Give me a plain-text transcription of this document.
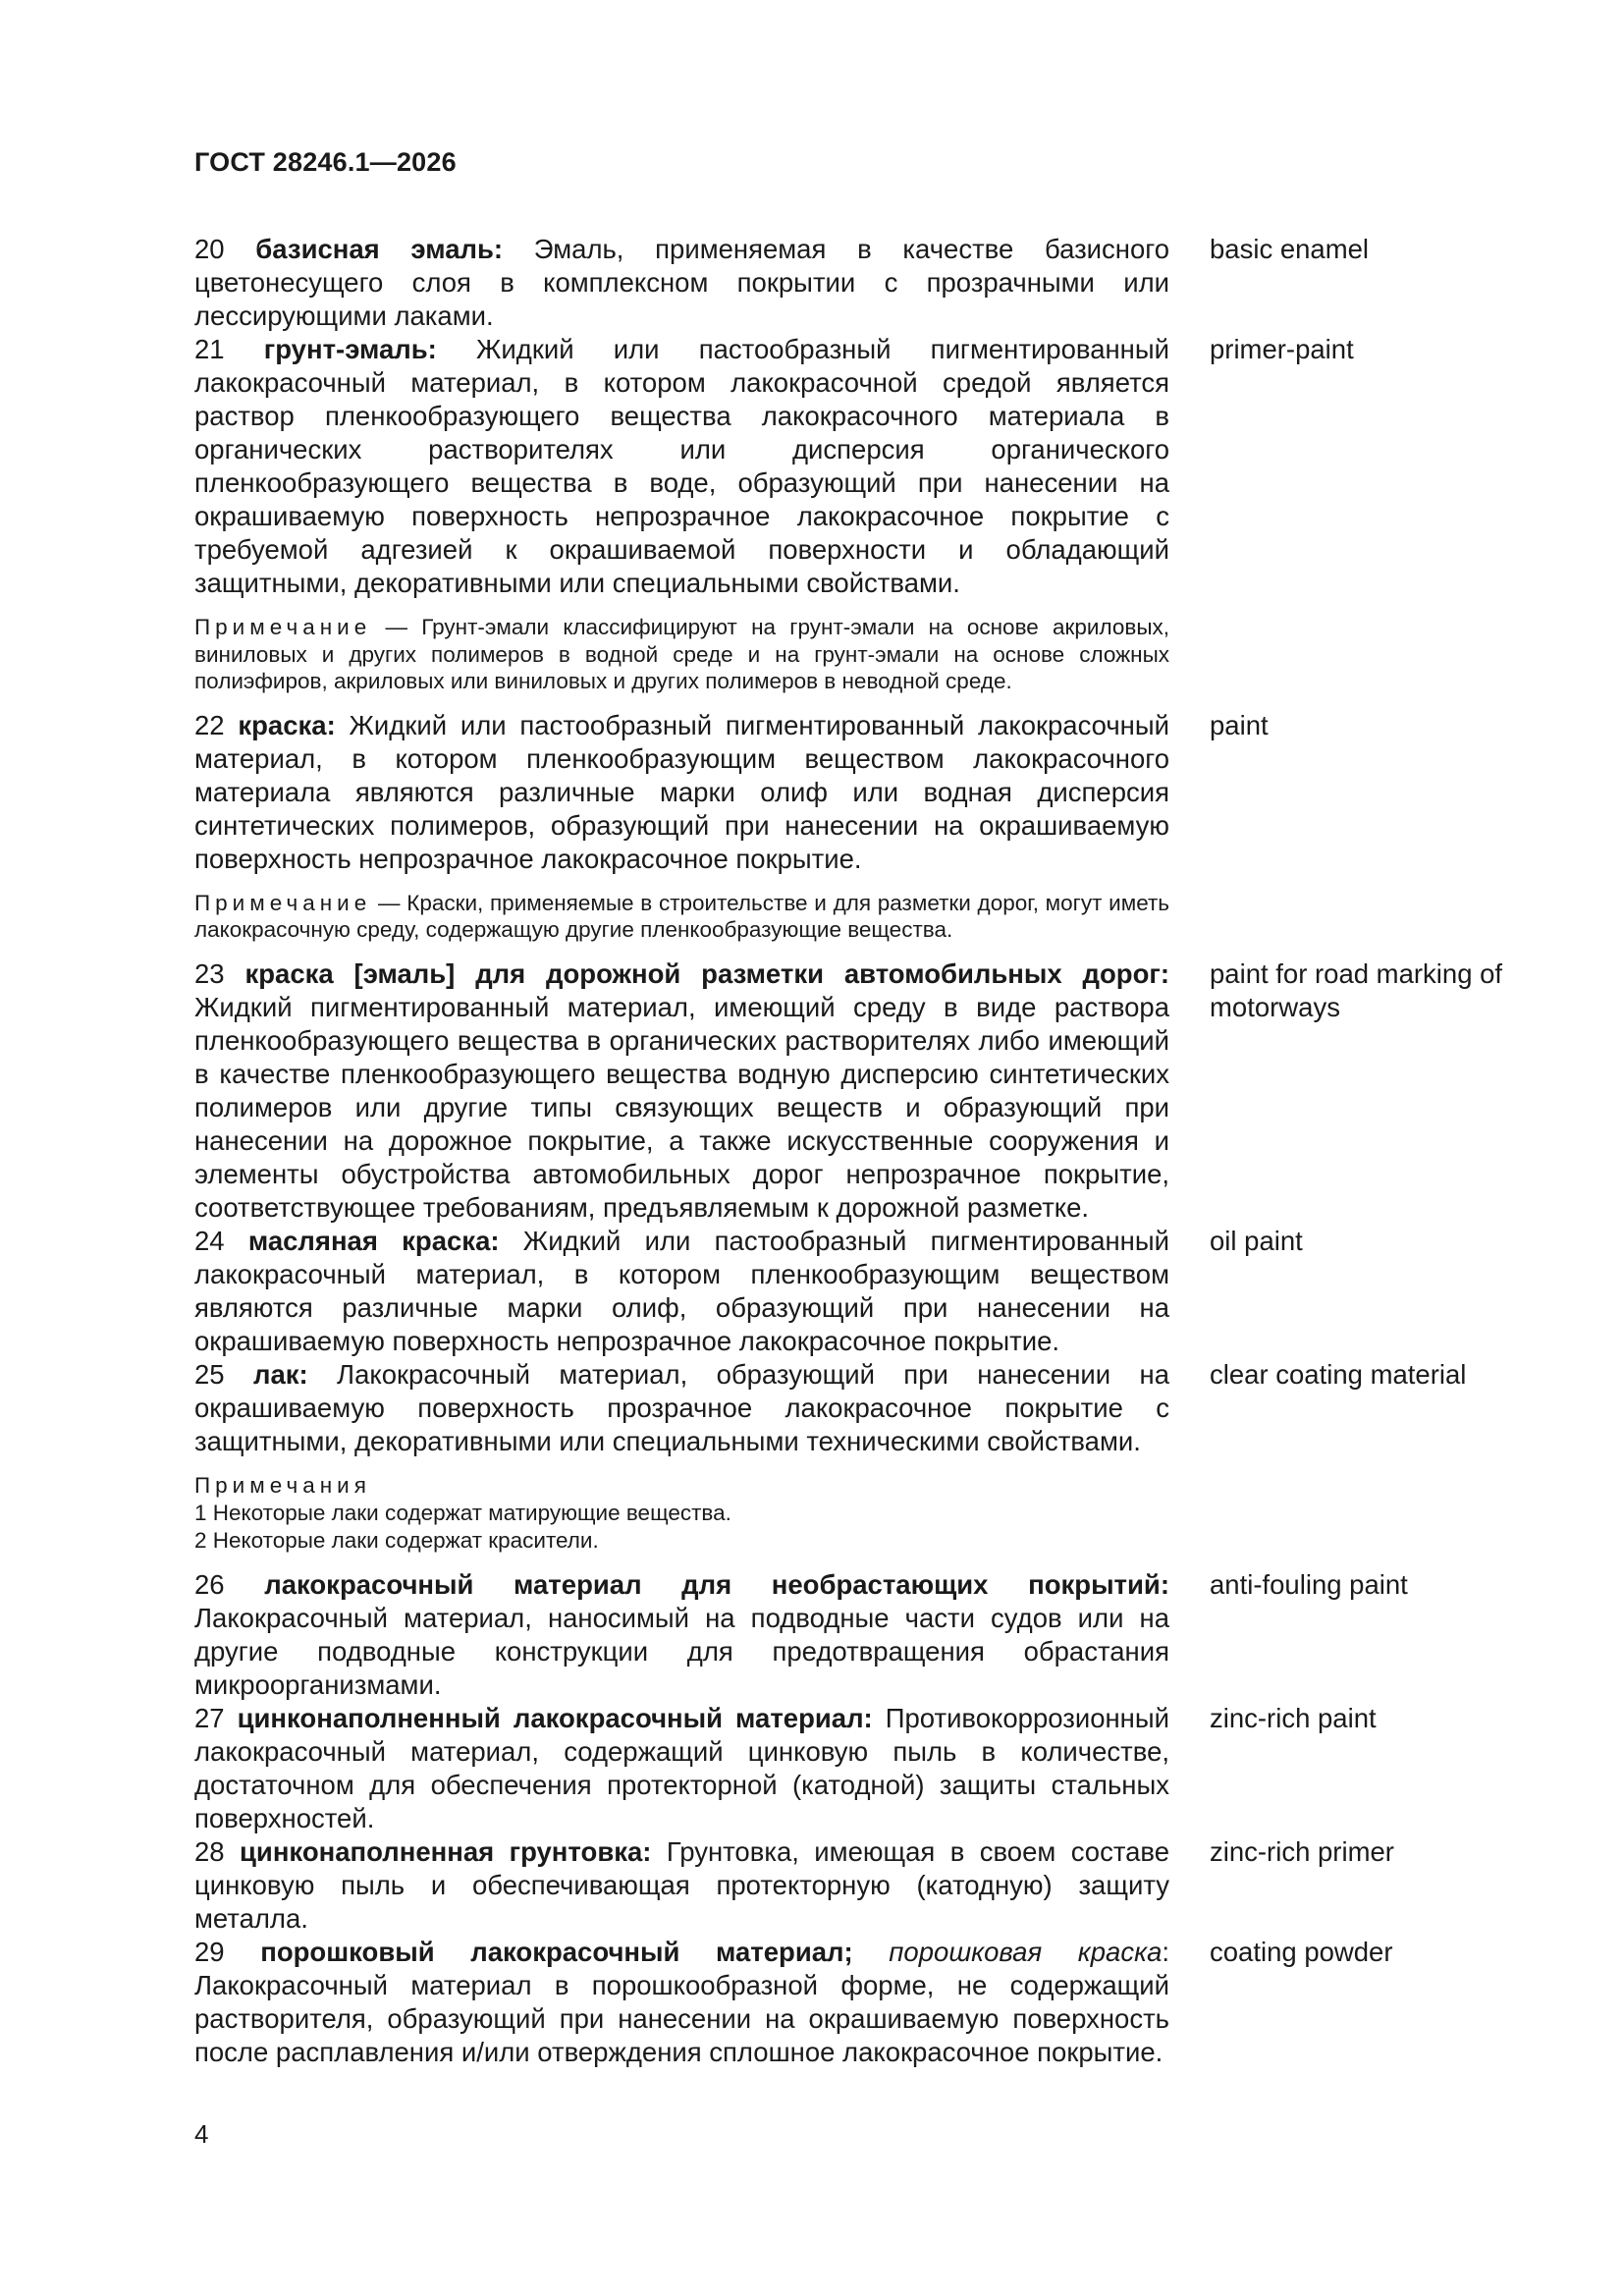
ГОСТ 28246.1—2026
20 базисная эмаль: Эмаль, применяемая в качестве базисного цветонесущего слоя в комплексном покрытии с прозрачными или лессирующими лаками.
basic enamel
21 грунт-эмаль: Жидкий или пастообразный пигментированный лакокрасочный материал, в котором лакокрасочной средой является раствор пленкообразующего вещества лакокрасочного материала в органических растворителях или дисперсия органического пленкообразующего вещества в воде, образующий при нанесении на окрашиваемую поверхность непрозрачное лакокрасочное покрытие с требуемой адгезией к окрашиваемой поверхности и обладающий защитными, декоративными или специальными свойствами.
primer-paint
Примечание — Грунт-эмали классифицируют на грунт-эмали на основе акриловых, виниловых и других полимеров в водной среде и на грунт-эмали на основе сложных полиэфиров, акриловых или виниловых и других полимеров в неводной среде.
22 краска: Жидкий или пастообразный пигментированный лакокрасочный материал, в котором пленкообразующим веществом лакокрасочного материала являются различные марки олиф или водная дисперсия синтетических полимеров, образующий при нанесении на окрашиваемую поверхность непрозрачное лакокрасочное покрытие.
paint
Примечание — Краски, применяемые в строительстве и для разметки дорог, могут иметь лакокрасочную среду, содержащую другие пленкообразующие вещества.
23 краска [эмаль] для дорожной разметки автомобильных дорог: Жидкий пигментированный материал, имеющий среду в виде раствора пленкообразующего вещества в органических растворителях либо имеющий в качестве пленкообразующего вещества водную дисперсию синтетических полимеров или другие типы связующих веществ и образующий при нанесении на дорожное покрытие, а также искусственные сооружения и элементы обустройства автомобильных дорог непрозрачное покрытие, соответствующее требованиям, предъявляемым к дорожной разметке.
paint for road marking of motorways
24 масляная краска: Жидкий или пастообразный пигментированный лакокрасочный материал, в котором пленкообразующим веществом являются различные марки олиф, образующий при нанесении на окрашиваемую поверхность непрозрачное лакокрасочное покрытие.
oil paint
25 лак: Лакокрасочный материал, образующий при нанесении на окрашиваемую поверхность прозрачное лакокрасочное покрытие с защитными, декоративными или специальными техническими свойствами.
clear coating material
Примечания
1 Некоторые лаки содержат матирующие вещества.
2 Некоторые лаки содержат красители.
26 лакокрасочный материал для необрастающих покрытий: Лакокрасочный материал, наносимый на подводные части судов или на другие подводные конструкции для предотвращения обрастания микроорганизмами.
anti-fouling paint
27 цинконаполненный лакокрасочный материал: Противокоррозионный лакокрасочный материал, содержащий цинковую пыль в количестве, достаточном для обеспечения протекторной (катодной) защиты стальных поверхностей.
zinc-rich paint
28 цинконаполненная грунтовка: Грунтовка, имеющая в своем составе цинковую пыль и обеспечивающая протекторную (катодную) защиту металла.
zinc-rich primer
29 порошковый лакокрасочный материал; порошковая краска: Лакокрасочный материал в порошкообразной форме, не содержащий растворителя, образующий при нанесении на окрашиваемую поверхность после расплавления и/или отверждения сплошное лакокрасочное покрытие.
coating powder
4
